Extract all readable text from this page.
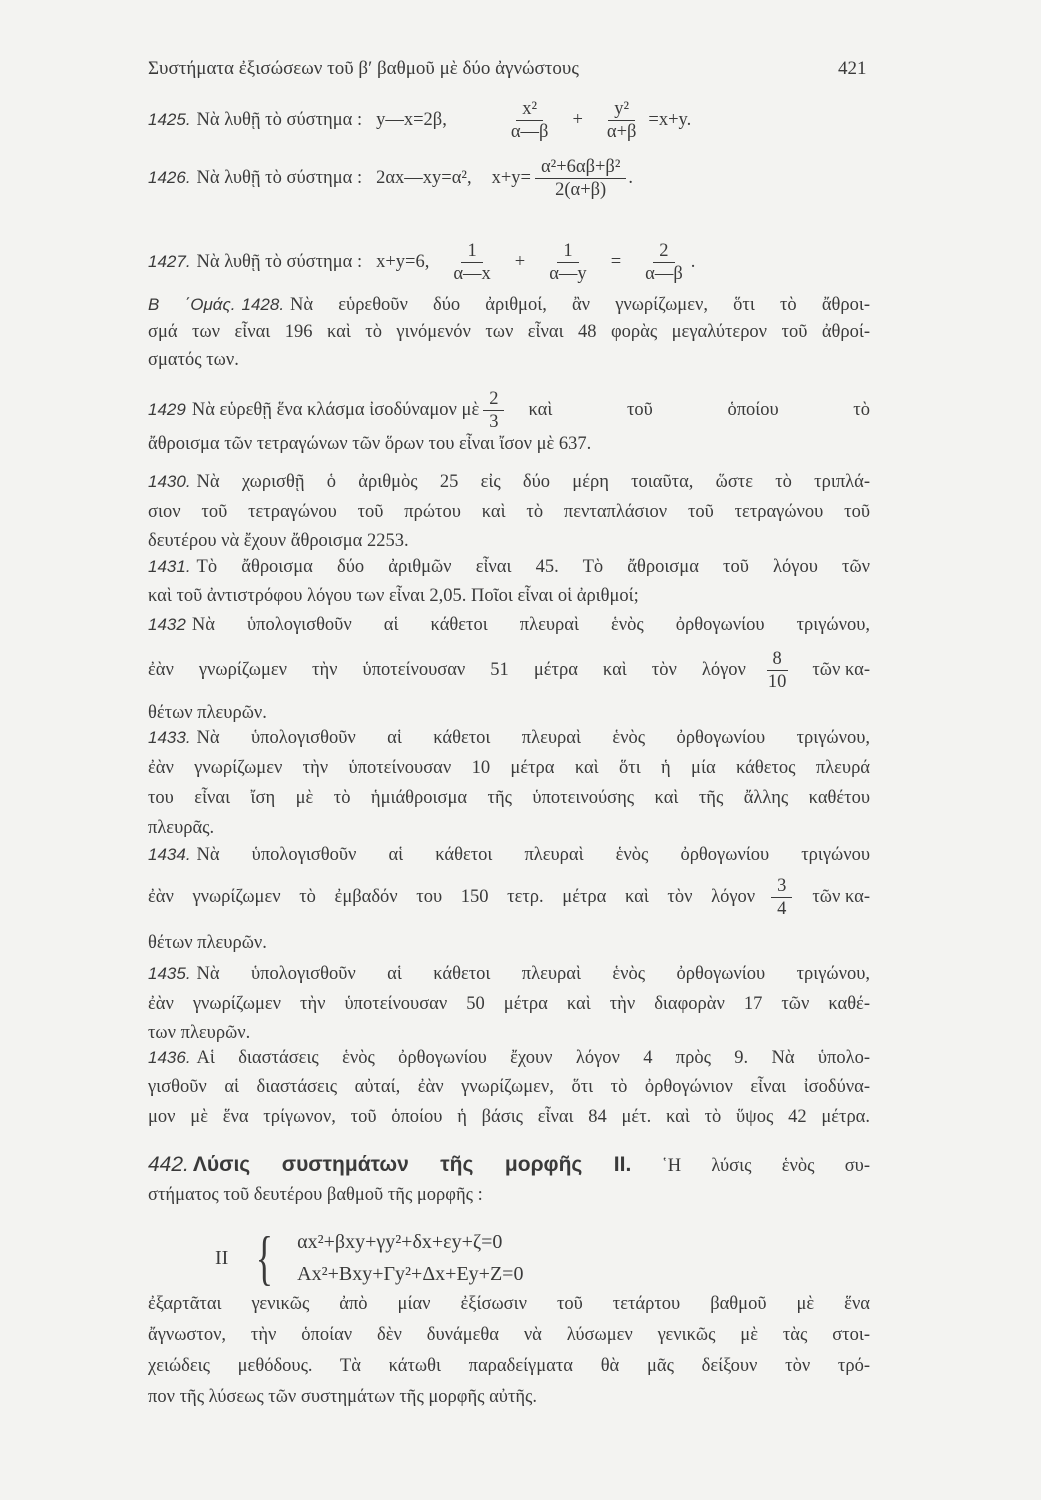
Συστήματα ἐξισώσεων τοῦ β′ βαθμοῦ μὲ δύο ἀγνώστους	421
1425. Νὰ λυθῇ τὸ σύστημα : y—x=2β,	$\frac{\text{x²}}{\alpha—\beta} + \frac{\text{y²}}{\alpha+\beta} =x+y$.
1426. Νὰ λυθῇ τὸ σύστημα : 2αx—xy=α², $x+y= \frac{\text{α²+6αβ+β²}}{2(\alpha+\beta)}$ .
1427. Νὰ λυθῇ τὸ σύστημα : x+y=6, $\frac{1}{\alpha—x} + \frac{1}{\alpha—y} = \frac{2}{\alpha—\beta}$ .
Β ΄Ομάς. 1428. Νὰ εὑρεθοῦν δύο ἀριθμοί, ἂν γνωρίζωμεν, ὅτι τὸ ἄθροι-
σμά των εἶναι 196 καὶ τὸ γινόμενόν των εἶναι 48 φορὰς μεγαλύτερον τοῦ ἀθροί-
σματός των.
1429 Νὰ εὑρεθῇ ἕνα κλάσμα ἰσοδύναμον μὲ $\frac{2}{3}$ καὶ τοῦ ὁποίου τὸ
ἄθροισμα τῶν τετραγώνων τῶν ὅρων του εἶναι ἴσον μὲ 637.
1430. Νὰ χωρισθῇ ὁ ἀριθμὸς 25 εἰς δύο μέρη τοιαῦτα, ὥστε τὸ τριπλά-
σιον τοῦ τετραγώνου τοῦ πρώτου καὶ τὸ πενταπλάσιον τοῦ τετραγώνου τοῦ
δευτέρου νὰ ἔχουν ἄθροισμα 2253.
1431. Τὸ ἄθροισμα δύο ἀριθμῶν εἶναι 45. Τὸ ἄθροισμα τοῦ λόγου τῶν
καὶ τοῦ ἀντιστρόφου λόγου των εἶναι 2,05. Ποῖοι εἶναι οἱ ἀριθμοί;
1432 Νὰ ὑπολογισθοῦν αἱ κάθετοι πλευραὶ ἑνὸς ὀρθογωνίου τριγώνου,
ἐὰν γνωρίζωμεν τὴν ὑποτείνουσαν 51 μέτρα καὶ τὸν λόγον $\frac{8}{10}$ τῶν κα-
θέτων πλευρῶν.
1433. Νὰ ὑπολογισθοῦν αἱ κάθετοι πλευραὶ ἑνὸς ὀρθογωνίου τριγώνου,
ἐὰν γνωρίζωμεν τὴν ὑποτείνουσαν 10 μέτρα καὶ ὅτι ἡ μία κάθετος πλευρά
του εἶναι ἴση μὲ τὸ ἡμιάθροισμα τῆς ὑποτεινούσης καὶ τῆς ἄλλης καθέτου
πλευρᾶς.
1434. Νὰ ὑπολογισθοῦν αἱ κάθετοι πλευραὶ ἑνὸς ὀρθογωνίου τριγώνου
ἐὰν γνωρίζωμεν τὸ ἐμβαδόν του 150 τετρ. μέτρα καὶ τὸν λόγον $\frac{3}{4}$ τῶν κα-
θέτων πλευρῶν.
1435. Νὰ ὑπολογισθοῦν αἱ κάθετοι πλευραὶ ἑνὸς ὀρθογωνίου τριγώνου,
ἐὰν γνωρίζωμεν τὴν ὑποτείνουσαν 50 μέτρα καὶ τὴν διαφορὰν 17 τῶν καθέ-
των πλευρῶν.
1436. Αἱ διαστάσεις ἑνὸς ὀρθογωνίου ἔχουν λόγον 4 πρὸς 9. Νὰ ὑπολο-
γισθοῦν αἱ διαστάσεις αὐταί, ἐὰν γνωρίζωμεν, ὅτι τὸ ὀρθογώνιον εἶναι ἰσοδύνα-
μον μὲ ἕνα τρίγωνον, τοῦ ὁποίου ἡ βάσις εἶναι 84 μέτ. καὶ τὸ ὕψος 42 μέτρα.
442. Λύσις συστημάτων τῆς μορφῆς ΙΙ. ῾Η λύσις ἑνὸς συ-
στήματος τοῦ δευτέρου βαθμοῦ τῆς μορφῆς :
ΙΙ { αx²+βxy+γy²+δx+εy+ζ=0
Αx²+Βxy+Γy²+Δx+Εy+Ζ=0
ἐξαρτᾶται γενικῶς ἀπὸ μίαν ἐξίσωσιν τοῦ τετάρτου βαθμοῦ μὲ ἕνα
ἄγνωστον, τὴν ὁποίαν δὲν δυνάμεθα νὰ λύσωμεν γενικῶς μὲ τὰς στοι-
χειώδεις μεθόδους. Τὰ κάτωθι παραδείγματα θὰ μᾶς δείξουν τὸν τρό-
πον τῆς λύσεως τῶν συστημάτων τῆς μορφῆς αὐτῆς.
